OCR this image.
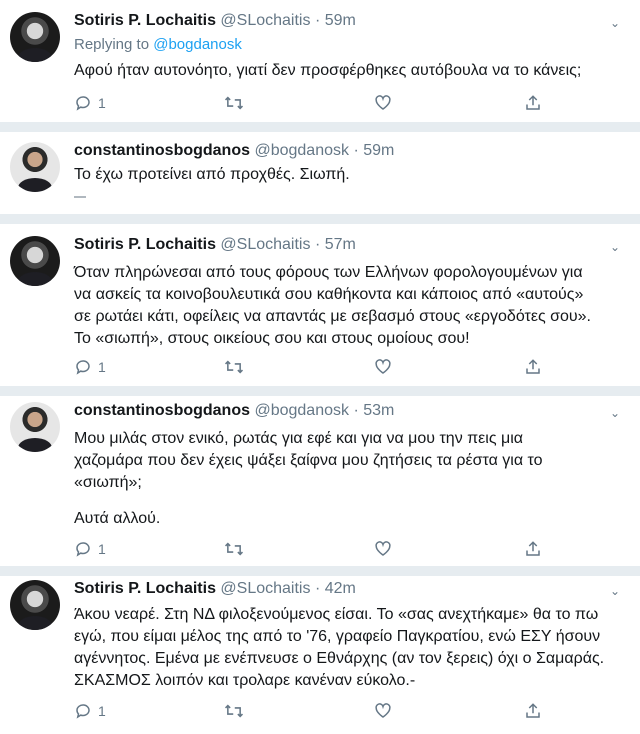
Sotiris P. Lochaitis @SLochaitis · 59m	⌄
Replying to @bogdanosk
Αφού ήταν αυτονόητο, γιατί δεν προσφέρθηκες αυτόβουλα να το κάνεις;
1
constantinosbogdanos @bogdanosk · 59m
Το έχω προτείνει από προχθές. Σιωπή.
Sotiris P. Lochaitis @SLochaitis · 57m	⌄
Όταν πληρώνεσαι από τους φόρους των Ελλήνων φορολογουμένων για
να ασκείς τα κοινοβουλευτικά σου καθήκοντα και κάποιος από «αυτούς»
σε ρωτάει κάτι, οφείλεις να απαντάς με σεβασμό στους «εργοδότες σου».
Το «σιωπή», στους οικείους σου και στους ομοίους σου!
1
constantinosbogdanos @bogdanosk · 53m	⌄
Μου μιλάς στον ενικό, ρωτάς για εφέ και για να μου την πεις μια
χαζομάρα που δεν έχεις ψάξει ξαίφνα μου ζητήσεις τα ρέστα για το
«σιωπή»;
Αυτά αλλού.
1
Sotiris P. Lochaitis @SLochaitis · 42m	⌄
Άκου νεαρέ. Στη ΝΔ φιλοξενούμενος είσαι. Το «σας ανεχτήκαμε» θα το πω
εγώ, που είμαι μέλος της από το '76, γραφείο Παγκρατίου, ενώ ΕΣΥ ήσουν
αγέννητος. Εμένα με ενέπνευσε ο Εθνάρχης (αν τον ξερεις) όχι ο Σαμαράς.
ΣΚΑΣΜΟΣ λοιπόν και τρολαρε κανέναν εύκολο.-
1
